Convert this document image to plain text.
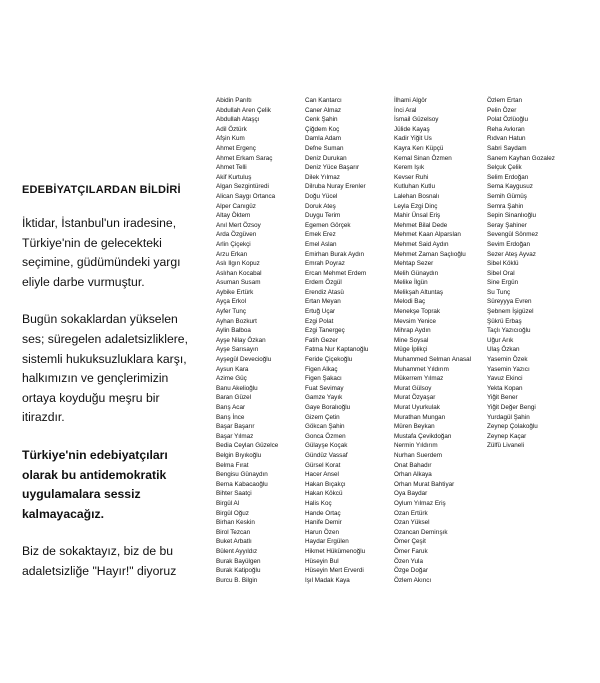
EDEBİYATÇILARDAN BİLDİRİ
İktidar, İstanbul'un iradesine, Türkiye'nin de gelecekteki seçimine, güdümündeki yargı eliyle darbe vurmuştur.
Bugün sokaklardan yükselen ses; süregelen adaletsizliklere, sistemli hukuksuzluklara karşı, halkımızın ve gençlerimizin ortaya koyduğu meşru bir itirazdır.
Türkiye'nin edebiyatçıları olarak bu antidemokratik uygulamalara sessiz kalmayacağız.
Biz de sokaktayız, biz de bu adaletsizliğe "Hayır!" diyoruz
Abidin Parıltı
Abdullah Aren Çelik
Abdullah Ataşçı
Adil Öztürk
Afşin Kum
Ahmet Ergenç
Ahmet Erkam Saraç
Ahmet Telli
Akif Kurtuluş
Algan Sezgintüredi
Alican Saygı Ortanca
Alper Canıgüz
Altay Öktem
Anıl Mert Özsoy
Arda Özgüven
Arlin Çiçekçi
Arzu Erkan
Aslı Ilgın Kopuz
Aslıhan Kocabal
Asuman Susam
Aybike Ertürk
Ayça Erkol
Ayfer Tunç
Ayhan Bozkurt
Aylin Balboa
Ayşe Nilay Özkan
Ayşe Sarısayın
Ayşegül Devecioğlu
Aysun Kara
Azime Güç
Banu Akelioğlu
Baran Güzel
Barış Acar
Barış İnce
Başar Başarır
Başar Yılmaz
Bedia Ceylan Güzelce
Belgin Bıyıkoğlu
Belma Fırat
Bengisu Günaydın
Berna Kabacaoğlu
Bihter Saatçi
Birgül Al
Birgül Oğuz
Birhan Keskin
Birol Tezcan
Buket Arbatlı
Bülent Ayyıldız
Burak Bayülgen
Burak Katipoğlu
Burcu B. Bilgin
Can Kantarcı
Caner Almaz
Cenk Şahin
Çiğdem Koç
Damla Adam
Defne Suman
Deniz Durukan
Deniz Yüce Başarır
Dilek Yılmaz
Dilruba Nuray Erenler
Doğu Yücel
Doruk Ateş
Duygu Terim
Egemen Görçek
Emek Erez
Emel Aslan
Emirhan Burak Aydın
Emrah Poyraz
Ercan Mehmet Erdem
Erdem Özgül
Erendiz Atasü
Ertan Meyan
Ertuğ Uçar
Ezgi Polat
Ezgi Tanergeç
Fatih Gezer
Fatma Nur Kaptanoğlu
Feride Çiçekoğlu
Figen Alkaç
Figen Şakacı
Fuat Sevimay
Gamze Yayık
Gaye Boralıoğlu
Gizem Çetin
Gökcan Şahin
Gonca Özmen
Gülayşe Koçak
Gündüz Vassaf
Gürsel Korat
Hacer Ansel
Hakan Bıçakçı
Hakan Kökcü
Halis Koç
Hande Ortaç
Hanife Demir
Harun Özen
Haydar Ergülen
Hikmet Hükümenoğlu
Hüseyin Bul
Hüseyin Mert Erverdi
Işıl Madak Kaya
İlhami Algör
İnci Aral
İsmail Güzelsoy
Jülide Kayaş
Kadir Yiğit Us
Kayra Kerı Küpçü
Kemal Sinan Özmen
Kerem Işık
Kevser Ruhi
Kutluhan Kutlu
Lalehan Bosnalı
Leyla Ezgi Dinç
Mahir Ünsal Eriş
Mehmet Bilal Dede
Mehmet Kaan Alparslan
Mehmet Said Aydın
Mehmet Zaman Saçlıoğlu
Mehtap Sezer
Melih Günaydın
Melike İlgün
Melikşah Altuntaş
Melodi Baç
Menekşe Toprak
Mevsim Yenice
Mihrap Aydın
Mine Soysal
Müge İplikçi
Muhammed Selman Anasal
Muhammet Yıldırım
Mükerrem Yılmaz
Murat Gülsoy
Murat Özyaşar
Murat Uyurkulak
Murathan Mungan
Müren Beykan
Mustafa Çevikdoğan
Nermin Yıldırım
Nurhan Suerdem
Onat Bahadır
Orhan Alkaya
Orhan Murat Bahtiyar
Oya Baydar
Oylum Yılmaz Eriş
Ozan Ertürk
Ozan Yüksel
Ozancan Demirışık
Ömer Çeşit
Ömer Faruk
Özen Yula
Özge Doğar
Özlem Akıncı
Özlem Ertan
Pelin Özer
Polat Özlüoğlu
Reha Avkıran
Rıdvan Hatun
Sabri Saydam
Sanem Kayhan Gozalez
Selçuk Çelik
Selim Erdoğan
Sema Kaygusuz
Semih Gümüş
Semra Şahin
Sepin Sinanlıoğlu
Seray Şahiner
Sevengül Sönmez
Sevim Erdoğan
Sezer Ateş Ayvaz
Sibel Köklü
Sibel Oral
Sine Ergün
Su Tunç
Süreyyya Evren
Şebnem İşigüzel
Şükrü Erbaş
Taçlı Yazıcıoğlu
Uğur Arık
Ulaş Özkan
Yasemin Özek
Yasemin Yazıcı
Yavuz Ekinci
Yekta Kopan
Yiğit Bener
Yiğit Değer Bengi
Yurdagül Şahin
Zeynep Çolakoğlu
Zeynep Kaçar
Zülfü Livaneli
